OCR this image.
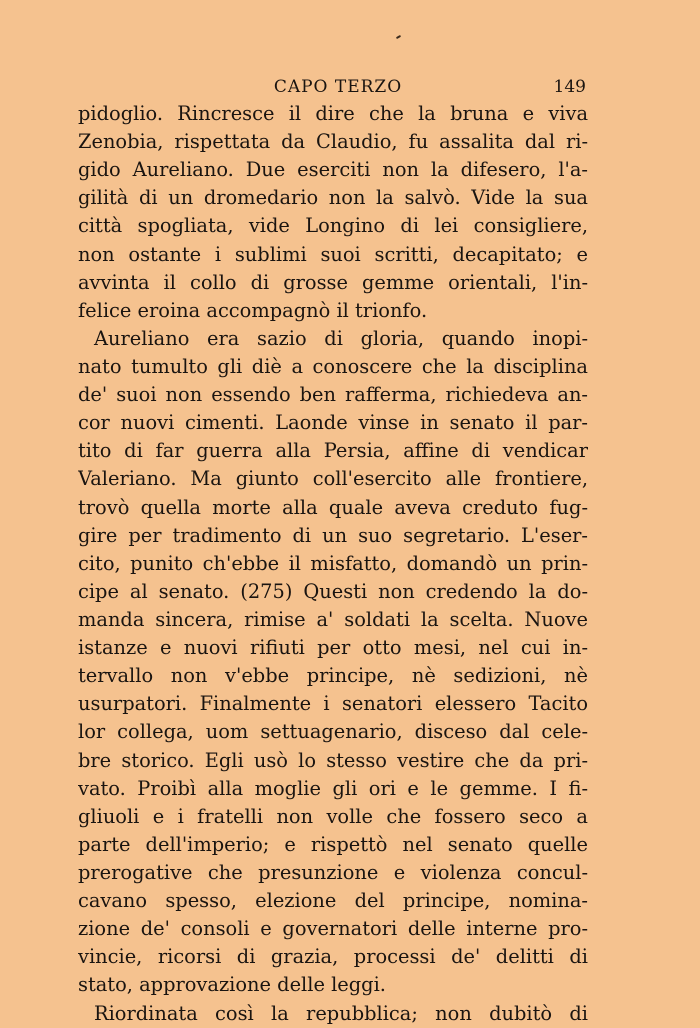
CAPO TERZO	149
pidoglio. Rincresce il dire che la bruna e viva
Zenobia, rispettata da Claudio, fu assalita dal ri-
gido Aureliano. Due eserciti non la difesero, l'a-
gilità di un dromedario non la salvò. Vide la sua
città spogliata, vide Longino di lei consigliere,
non ostante i sublimi suoi scritti, decapitato; e
avvinta il collo di grosse gemme orientali, l'in-
felice eroina accompagnò il trionfo.
Aureliano era sazio di gloria, quando inopi-
nato tumulto gli diè a conoscere che la disciplina
de' suoi non essendo ben rafferma, richiedeva an-
cor nuovi cimenti. Laonde vinse in senato il par-
tito di far guerra alla Persia, affine di vendicar
Valeriano. Ma giunto coll'esercito alle frontiere,
trovò quella morte alla quale aveva creduto fug-
gire per tradimento di un suo segretario. L'eser-
cito, punito ch'ebbe il misfatto, domandò un prin-
cipe al senato. (275) Questi non credendo la do-
manda sincera, rimise a' soldati la scelta. Nuove
istanze e nuovi rifiuti per otto mesi, nel cui in-
tervallo non v'ebbe principe, nè sedizioni, nè
usurpatori. Finalmente i senatori elessero Tacito
lor collega, uom settuagenario, disceso dal cele-
bre storico. Egli usò lo stesso vestire che da pri-
vato. Proibì alla moglie gli ori e le gemme. I fi-
gliuoli e i fratelli non volle che fossero seco a
parte dell'imperio; e rispettò nel senato quelle
prerogative che presunzione e violenza concul-
cavano spesso, elezione del principe, nomina-
zione de' consoli e governatori delle interne pro-
vincie, ricorsi di grazia, processi de' delitti di
stato, approvazione delle leggi.
Riordinata così la repubblica; non dubitò di
